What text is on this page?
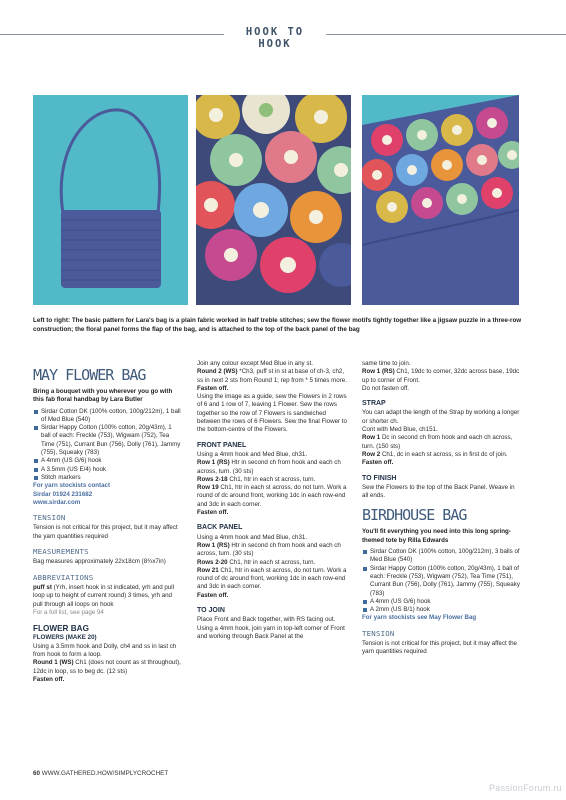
HOOK TO HOOK
Left to right: The basic pattern for Lara's bag is a plain fabric worked in half treble stitches; sew the flower motifs tightly together like a jigsaw puzzle in a three-row construction; the floral panel forms the flap of the bag, and is attached to the top of the back panel of the bag
MAY FLOWER BAG
Bring a bouquet with you wherever you go with this fab floral handbag by Lara Butler
Sirdar Cotton DK (100% cotton, 100g/212m), 1 ball of Med Blue (540)
Sirdar Happy Cotton (100% cotton, 20g/43m), 1 ball of each: Freckle (753), Wigwam (752), Tea Time (751), Currant Bun (756), Dolly (761), Jammy (755), Squeaky (783)
A 4mm (US G/6) hook
A 3.5mm (US E/4) hook
Stitch markers
For yarn stockists contact
Sirdar 01924 231682
www.sirdar.com
TENSION
Tension is not critical for this project, but it may affect the yarn quantities required
MEASUREMENTS
Bag measures approximately 22x18cm (8¾x7in)
ABBREVIATIONS
puff st (Yrh, insert hook in st indicated, yrh and pull loop up to height of current round) 3 times, yrh and pull through all loops on hook
For a full list, see page 94
FLOWER BAG
FLOWERS (MAKE 20)
Using a 3.5mm hook and Dolly, ch4 and ss in last ch from hook to form a loop.
Round 1 (WS) Ch1 (does not count as st throughout), 12dc in loop, ss to beg dc. (12 sts)
Fasten off.
Join any colour except Med Blue in any st.
Round 2 (WS) *Ch3, puff st in st at base of ch-3, ch2, ss in next 2 sts from Round 1; rep from * 5 times more.
Fasten off.
Using the image as a guide, sew the Flowers in 2 rows of 6 and 1 row of 7, leaving 1 Flower. Sew the rows together so the row of 7 Flowers is sandwiched between the rows of 6 Flowers. Sew the final Flower to the bottom-centre of the Flowers.
FRONT PANEL
Using a 4mm hook and Med Blue, ch31.
Row 1 (RS) Htr in second ch from hook and each ch across, turn. (30 sts)
Rows 2-18 Ch1, htr in each st across, turn.
Row 19 Ch1, htr in each st across, do not turn. Work a round of dc around front, working 1dc in each row-end and 3dc in each corner.
Fasten off.
BACK PANEL
Using a 4mm hook and Med Blue, ch31.
Row 1 (RS) Htr in second ch from hook and each ch across, turn. (30 sts)
Rows 2-20 Ch1, htr in each st across, turn.
Row 21 Ch1, htr in each st across, do not turn. Work a round of dc around front, working 1dc in each row-end and 3dc in each corner.
Fasten off.
TO JOIN
Place Front and Back together, with RS facing out.
Using a 4mm hook, join yarn in top-left corner of Front and working through Back Panel at the
same time to join.
Row 1 (RS) Ch1, 19dc to corner, 32dc across base, 19dc up to corner of Front.
Do not fasten off.
STRAP
You can adapt the length of the Strap by working a longer or shorter ch.
Cont with Med Blue, ch151.
Row 1 Dc in second ch from hook and each ch across, turn. (150 sts)
Row 2 Ch1, dc in each st across, ss in first dc of join.
Fasten off.
TO FINISH
Sew the Flowers to the top of the Back Panel. Weave in all ends.
BIRDHOUSE BAG
You'll fit everything you need into this long spring-themed tote by Rilla Edwards
Sirdar Cotton DK (100% cotton, 100g/212m), 3 balls of Med Blue (540)
Sirdar Happy Cotton (100% cotton, 20g/43m), 1 ball of each: Freckle (753), Wigwam (752), Tea Time (751), Currant Bun (756), Dolly (761), Jammy (755), Squeaky (783)
A 4mm (US G/6) hook
A 2mm (US B/1) hook
For yarn stockists see May Flower Bag
TENSION
Tension is not critical for this project, but it may affect the yarn quantities required
60 WWW.GATHERED.HOW/SIMPLYCROCHET
PassionForum.ru
